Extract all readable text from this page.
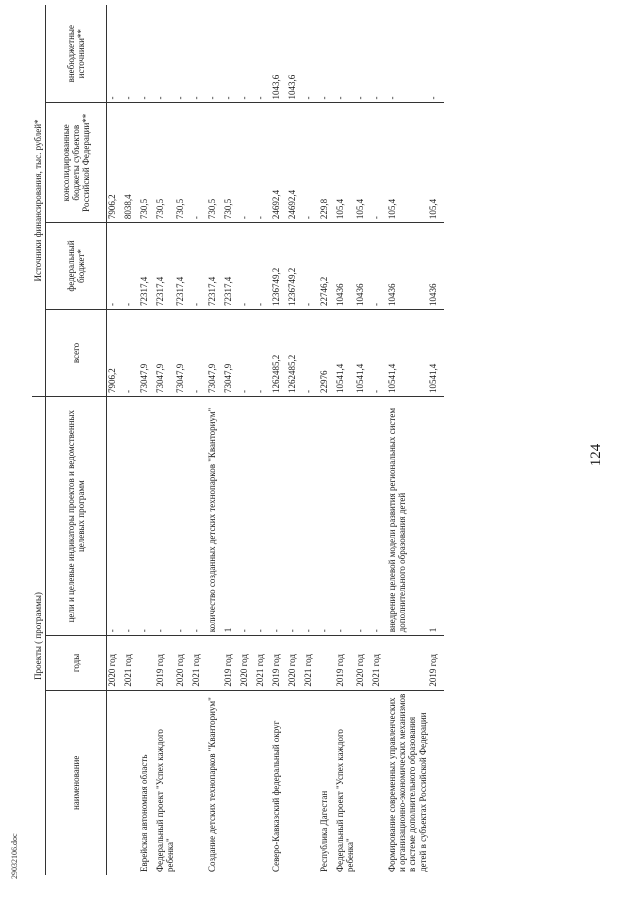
29032106.doc
124
Проекты ( программы)			Источники финансирования, тыс. рублей*			
наименование	годы	цели и целевые индикаторы проектов и ведомственных целевых программ	всего	федеральный бюджет*	консолидированные бюджеты субъектов Российской Федерации**	внебюджетные источники**
	2020 год	-	7906,2	-	7906,2	-
	2021 год	-	-	-	8038,4	-
Еврейская автономная область		-	73047,9	72317,4	730,5	-
Федеральный проект "Успех каждого ребенка"	2019 год	-	73047,9	72317,4	730,5	-
	2020 год	-	73047,9	72317,4	730,5	-
	2021 год	-	-	-	-	-
Создание детских технопарков "Кванториум"		количество созданных детских технопарков "Кванториум"	73047,9	72317,4	730,5	-
	2019 год	1	73047,9	72317,4	730,5	-
	2020 год	-	-	-	-	-
	2021 год	-	-	-	-	-
Северо-Кавказский федеральный округ	2019 год	-	1262485,2	1236749,2	24692,4	1043,6
	2020 год	-	1262485,2	1236749,2	24692,4	1043,6
	2021 год	-	-	-	-	-
Республика Дагестан		-	22976	22746,2	229,8	-
Федеральный проект "Успех каждого ребенка"	2019 год	-	10541,4	10436	105,4	-
	2020 год	-	10541,4	10436	105,4	-
	2021 год	-	-	-	-	-
Формирование современных управленческих и организационно-экономических механизмов в системе дополнительного образования детей в субъектах Российской Федерации		внедрение целевой модели развития региональных систем дополнительного образования детей	10541,4	10436	105,4	-
	2019 год	1	10541,4	10436	105,4	-
